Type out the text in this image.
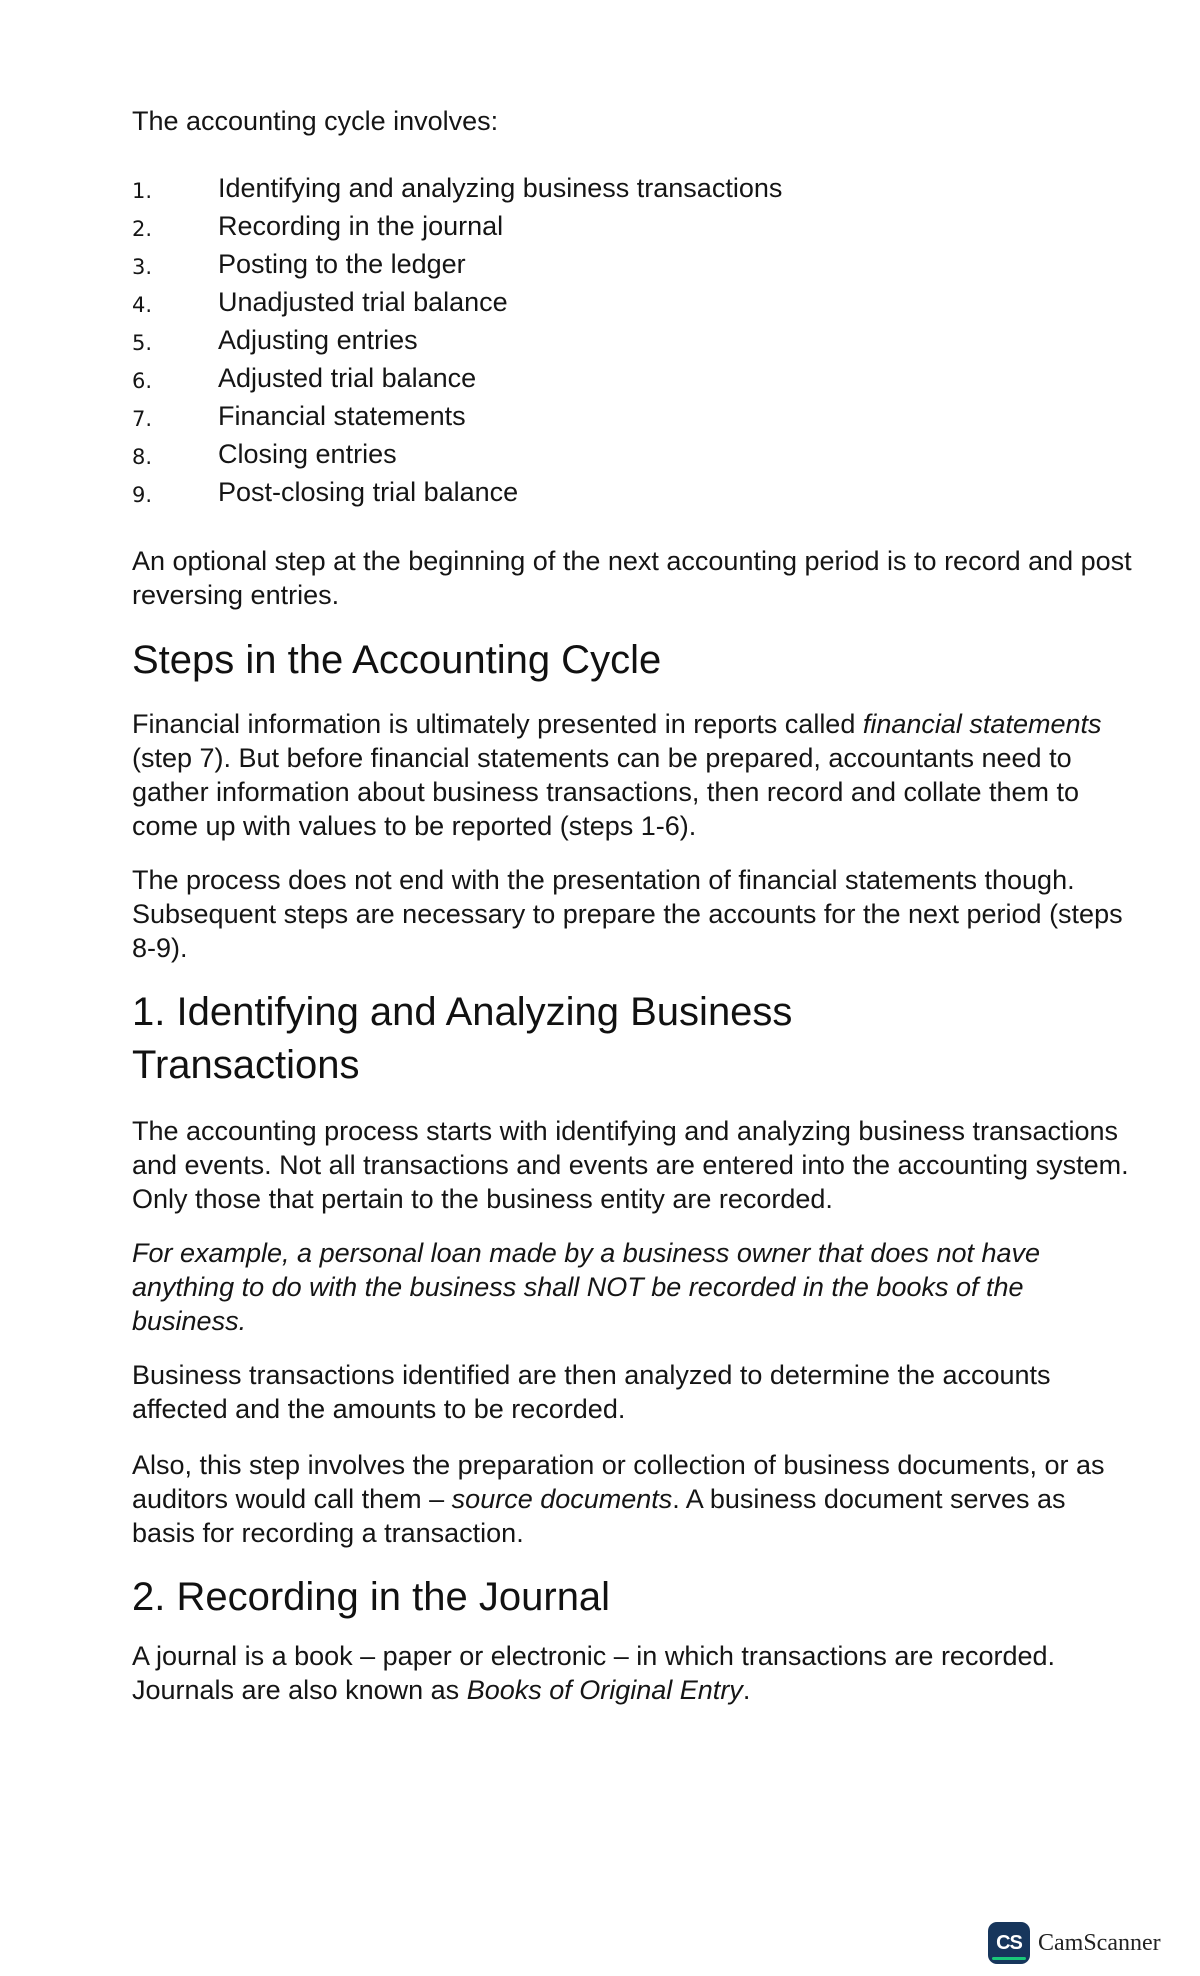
The accounting cycle involves:

1.	Identifying and analyzing business transactions
2.	Recording in the journal
3.	Posting to the ledger
4.	Unadjusted trial balance
5.	Adjusting entries
6.	Adjusted trial balance
7.	Financial statements
8.	Closing entries
9.	Post-closing trial balance

An optional step at the beginning of the next accounting period is to record and post reversing entries.

Steps in the Accounting Cycle

Financial information is ultimately presented in reports called financial statements (step 7). But before financial statements can be prepared, accountants need to gather information about business transactions, then record and collate them to come up with values to be reported (steps 1-6).

The process does not end with the presentation of financial statements though. Subsequent steps are necessary to prepare the accounts for the next period (steps 8-9).

1. Identifying and Analyzing Business
Transactions

The accounting process starts with identifying and analyzing business transactions and events. Not all transactions and events are entered into the accounting system. Only those that pertain to the business entity are recorded.

For example, a personal loan made by a business owner that does not have anything to do with the business shall NOT be recorded in the books of the business.

Business transactions identified are then analyzed to determine the accounts affected and the amounts to be recorded.

Also, this step involves the preparation or collection of business documents, or as auditors would call them – source documents. A business document serves as basis for recording a transaction.

2. Recording in the Journal

A journal is a book – paper or electronic – in which transactions are recorded. Journals are also known as Books of Original Entry.

CS CamScanner
